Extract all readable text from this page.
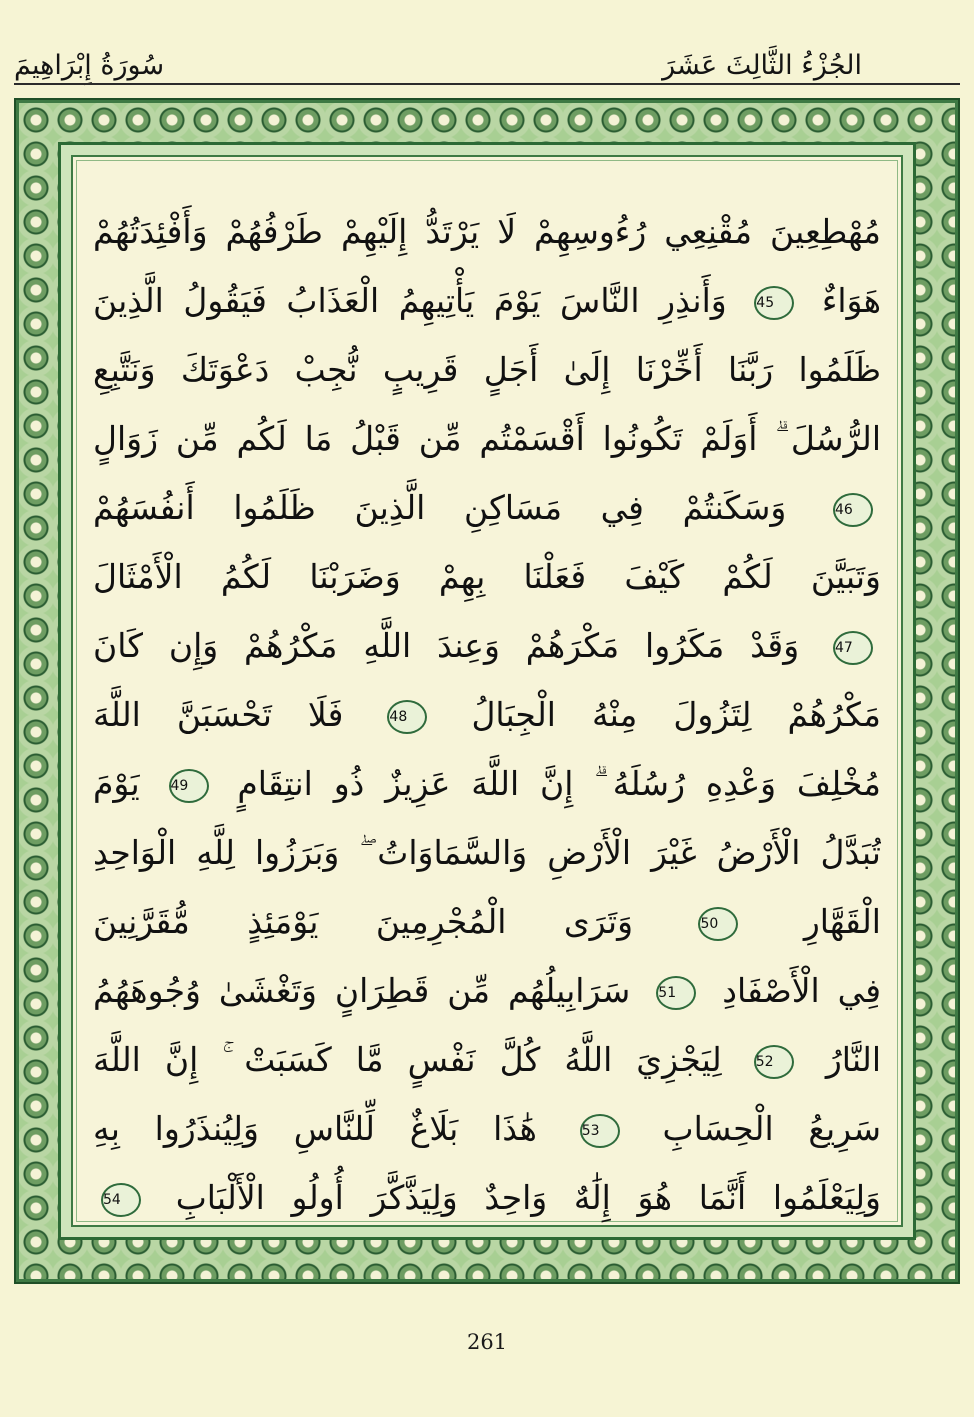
سُورَةُ إِبْرَاهِيمَ	الجُزْءُ الثَّالِثَ عَشَرَ
مُهْطِعِينَ مُقْنِعِي رُءُوسِهِمْ لَا يَرْتَدُّ إِلَيْهِمْ طَرْفُهُمْ وَأَفْئِدَتُهُمْ
هَوَاءٌ 45 وَأَنذِرِ النَّاسَ يَوْمَ يَأْتِيهِمُ الْعَذَابُ فَيَقُولُ الَّذِينَ
ظَلَمُوا رَبَّنَا أَخِّرْنَا إِلَىٰ أَجَلٍ قَرِيبٍ نُّجِبْ دَعْوَتَكَ وَنَتَّبِعِ
الرُّسُلَ ۗ أَوَلَمْ تَكُونُوا أَقْسَمْتُم مِّن قَبْلُ مَا لَكُم مِّن زَوَالٍ
46 وَسَكَنتُمْ فِي مَسَاكِنِ الَّذِينَ ظَلَمُوا أَنفُسَهُمْ
وَتَبَيَّنَ لَكُمْ كَيْفَ فَعَلْنَا بِهِمْ وَضَرَبْنَا لَكُمُ الْأَمْثَالَ
47 وَقَدْ مَكَرُوا مَكْرَهُمْ وَعِندَ اللَّهِ مَكْرُهُمْ وَإِن كَانَ
مَكْرُهُمْ لِتَزُولَ مِنْهُ الْجِبَالُ 48 فَلَا تَحْسَبَنَّ اللَّهَ
مُخْلِفَ وَعْدِهِ رُسُلَهُ ۗ إِنَّ اللَّهَ عَزِيزٌ ذُو انتِقَامٍ 49 يَوْمَ
تُبَدَّلُ الْأَرْضُ غَيْرَ الْأَرْضِ وَالسَّمَاوَاتُ ۖ وَبَرَزُوا لِلَّهِ الْوَاحِدِ
الْقَهَّارِ 50 وَتَرَى الْمُجْرِمِينَ يَوْمَئِذٍ مُّقَرَّنِينَ
فِي الْأَصْفَادِ 51 سَرَابِيلُهُم مِّن قَطِرَانٍ وَتَغْشَىٰ وُجُوهَهُمُ
النَّارُ 52 لِيَجْزِيَ اللَّهُ كُلَّ نَفْسٍ مَّا كَسَبَتْ ۚ إِنَّ اللَّهَ
سَرِيعُ الْحِسَابِ 53 هَٰذَا بَلَاغٌ لِّلنَّاسِ وَلِيُنذَرُوا بِهِ
وَلِيَعْلَمُوا أَنَّمَا هُوَ إِلَٰهٌ وَاحِدٌ وَلِيَذَّكَّرَ أُولُو الْأَلْبَابِ 54
261
